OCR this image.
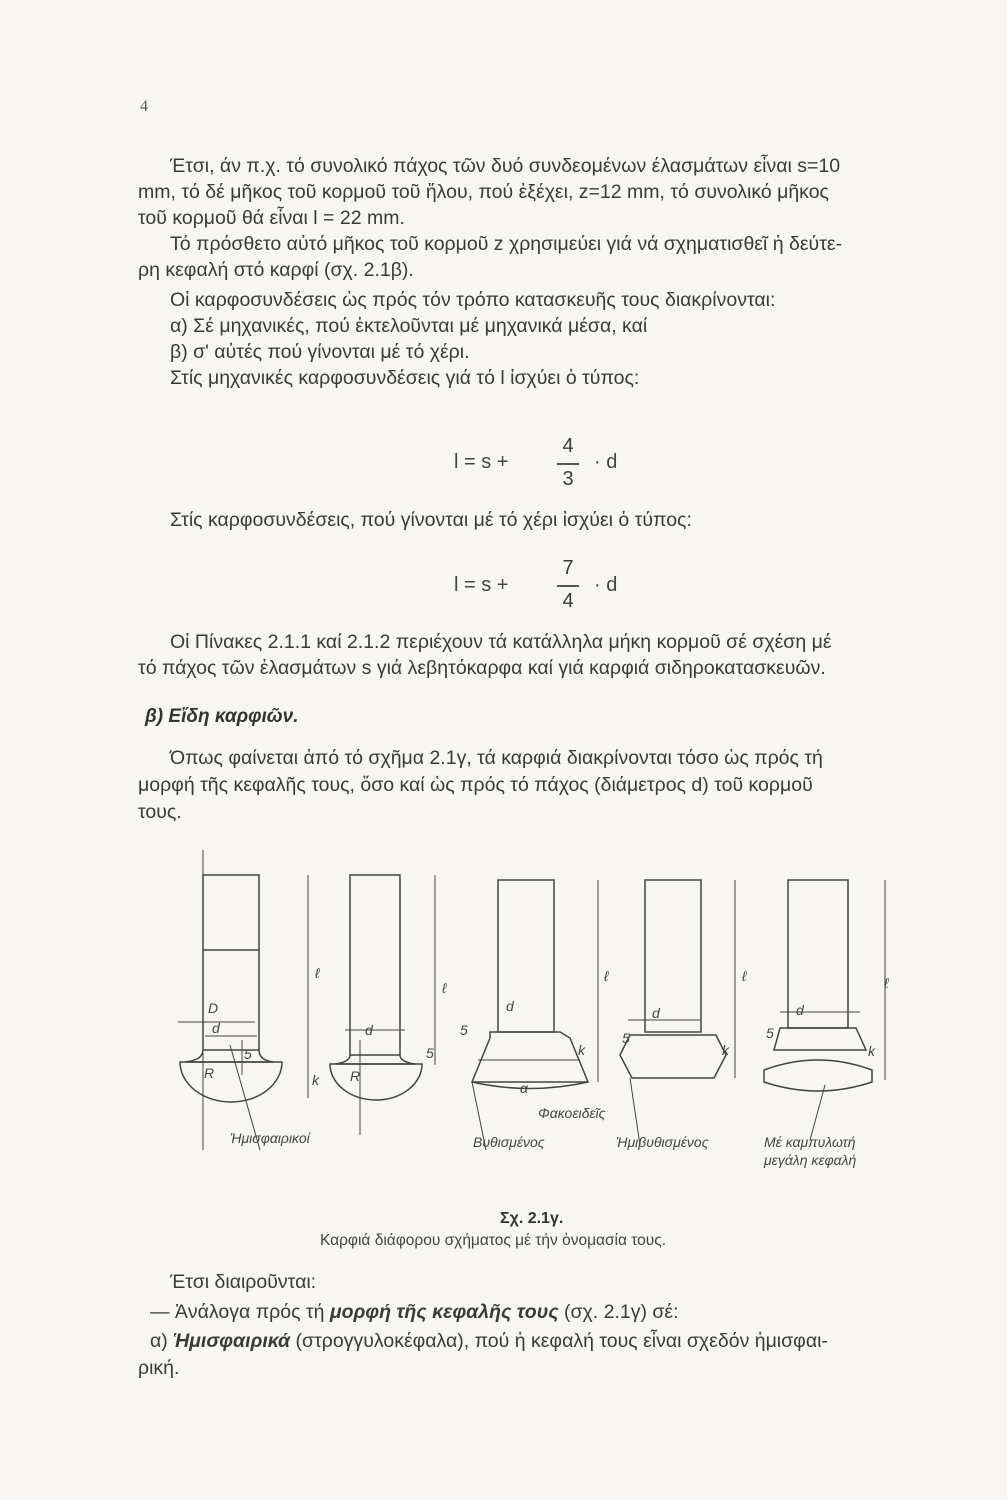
4
Έτσι, άν π.χ. τό συνολικό πάχος τῶν δυό συνδεομένων έλασμάτων εἶναι s=10
mm, τό δέ μῆκος τοῦ κορμοῦ τοῦ ἥλου, πού ἐξέχει, z=12 mm, τό συνολικό μῆκος
τοῦ κορμοῦ θά εἶναι l = 22 mm.
Τό πρόσθετο αὐτό μῆκος τοῦ κορμοῦ z χρησιμεύει γιά νά σχηματισθεῖ ἡ δεύτε-
ρη κεφαλή στό καρφί (σχ. 2.1β).
Οἱ καρφοσυνδέσεις ὡς πρός τόν τρόπο κατασκευῆς τους διακρίνονται:
α) Σέ μηχανικές, πού ἐκτελοῦνται μέ μηχανικά μέσα, καί
β) σ' αὐτές πού γίνονται μέ τό χέρι.
Στίς μηχανικές καρφοσυνδέσεις γιά τό l ἰσχύει ὁ τύπος:
l = s +
4
3
· d
Στίς καρφοσυνδέσεις, πού γίνονται μέ τό χέρι ἰσχύει ὁ τύπος:
l = s +
7
4
· d
Οἱ Πίνακες 2.1.1 καί 2.1.2 περιέχουν τά κατάλληλα μήκη κορμοῦ σέ σχέση μέ
τό πάχος τῶν ἐλασμάτων s γιά λεβητόκαρφα καί γιά καρφιά σιδηροκατασκευῶν.
β) Εἴδη καρφιῶν.
Όπως φαίνεται ἀπό τό σχῆμα 2.1γ, τά καρφιά διακρίνονται τόσο ὡς πρός τή
μορφή τῆς κεφαλῆς τους, ὅσο καί ὡς πρός τό πάχος (διάμετρος d) τοῦ κορμοῦ
τους.
ℓ
D
d
5
k
R
ℓ
d
5
R
ℓ
d
5
k
α
ℓ
d
5
k
ℓ
d
5
k
Ἡμισφαιρικοί
Φακοειδεῖς
Βυθισμένος	Ἡμιβυθισμένος	Μέ καμπυλωτή
μεγάλη κεφαλή
Σχ. 2.1γ.
Καρφιά διάφορου σχήματος μέ τήν ὀνομασία τους.
Έτσι διαιροῦνται:
— Ἀνάλογα πρός τή μορφή τῆς κεφαλῆς τους (σχ. 2.1γ) σέ:
α) Ἡμισφαιρικά (στρογγυλοκέφαλα), πού ἡ κεφαλή τους εἶναι σχεδόν ἡμισφαι-
ρική.
